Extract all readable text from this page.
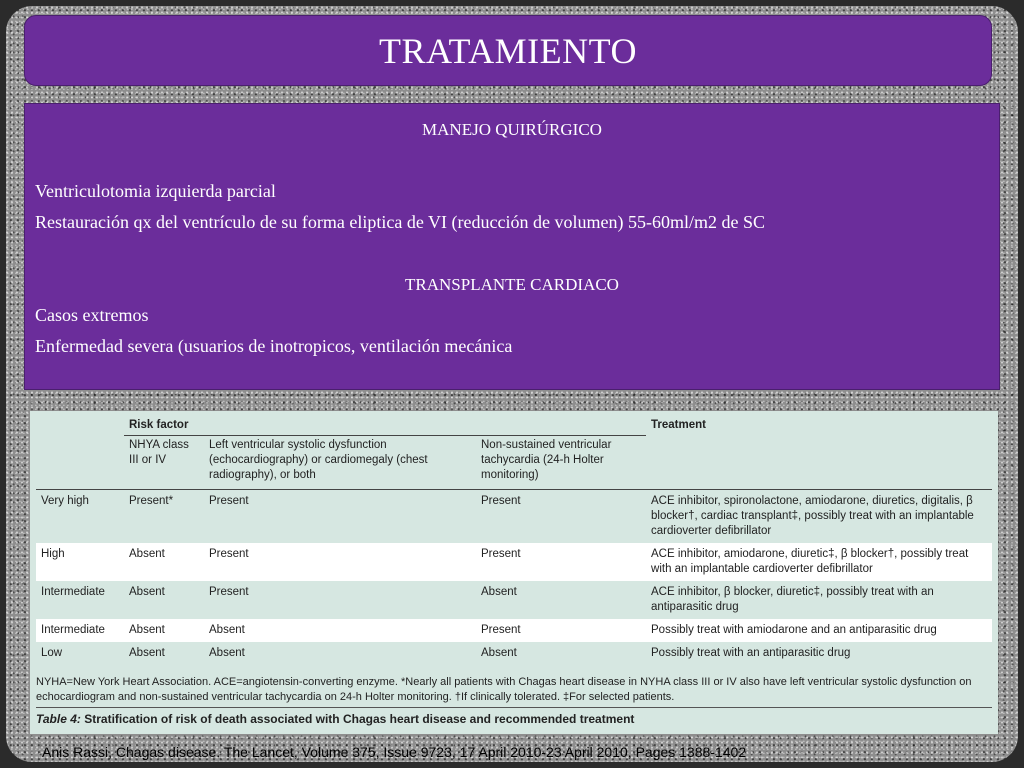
TRATAMIENTO

MANEJO QUIRÚRGICO

Ventriculotomia izquierda parcial

Restauración qx del ventrículo de su forma eliptica de VI (reducción de volumen) 55-60ml/m2 de SC

TRANSPLANTE CARDIACO

Casos extremos

Enfermedad severa (usuarios de inotropicos, ventilación mecánica

	Risk factor			Treatment
	NHYA class III or IV	Left ventricular systolic dysfunction (echocardiography) or cardiomegaly (chest radiography), or both	Non-sustained ventricular tachycardia (24-h Holter monitoring)	
Very high	Present*	Present	Present	ACE inhibitor, spironolactone, amiodarone, diuretics, digitalis, β blocker†, cardiac transplant‡, possibly treat with an implantable cardioverter defibrillator
High	Absent	Present	Present	ACE inhibitor, amiodarone, diuretic‡, β blocker†, possibly treat with an implantable cardioverter defibrillator
Intermediate	Absent	Present	Absent	ACE inhibitor, β blocker, diuretic‡, possibly treat with an antiparasitic drug
Intermediate	Absent	Absent	Present	Possibly treat with amiodarone and an antiparasitic drug
Low	Absent	Absent	Absent	Possibly treat with an antiparasitic drug
NYHA=New York Heart Association. ACE=angiotensin-converting enzyme. *Nearly all patients with Chagas heart disease in NYHA class III or IV also have left ventricular systolic dysfunction on echocardiogram and non-sustained ventricular tachycardia on 24-h Holter monitoring. †If clinically tolerated. ‡For selected patients.
Table 4: Stratification of risk of death associated with Chagas heart disease and recommended treatment
Anis Rassi, Chagas disease. The Lancet, Volume 375, Issue 9723, 17 April 2010-23 April 2010, Pages 1388-1402
